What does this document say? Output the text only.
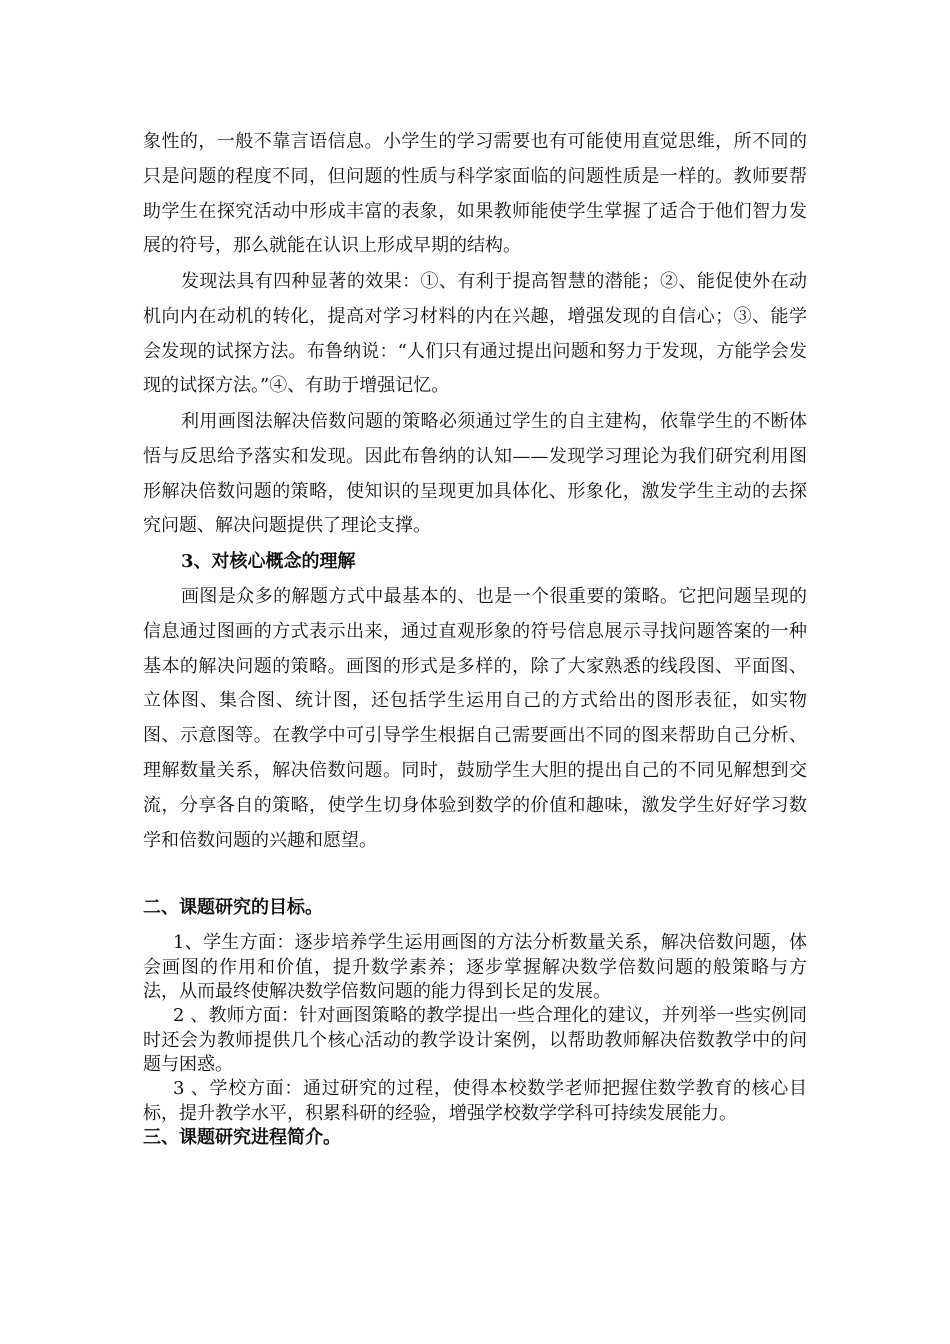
象性的，一般不靠言语信息。小学生的学习需要也有可能使用直觉思维，所不同的只是问题的程度不同，但问题的性质与科学家面临的问题性质是一样的。教师要帮助学生在探究活动中形成丰富的表象，如果教师能使学生掌握了适合于他们智力发展的符号，那么就能在认识上形成早期的结构。

发现法具有四种显著的效果：①、有利于提高智慧的潜能；②、能促使外在动机向内在动机的转化，提高对学习材料的内在兴趣，增强发现的自信心；③、能学会发现的试探方法。布鲁纳说：“人们只有通过提出问题和努力于发现，方能学会发现的试探方法。”④、有助于增强记忆。

利用画图法解决倍数问题的策略必须通过学生的自主建构，依靠学生的不断体悟与反思给予落实和发现。因此布鲁纳的认知——发现学习理论为我们研究利用图形解决倍数问题的策略，使知识的呈现更加具体化、形象化，激发学生主动的去探究问题、解决问题提供了理论支撑。

3、对核心概念的理解

画图是众多的解题方式中最基本的、也是一个很重要的策略。它把问题呈现的信息通过图画的方式表示出来，通过直观形象的符号信息展示寻找问题答案的一种基本的解决问题的策略。画图的形式是多样的，除了大家熟悉的线段图、平面图、立体图、集合图、统计图，还包括学生运用自己的方式给出的图形表征，如实物图、示意图等。在教学中可引导学生根据自己需要画出不同的图来帮助自己分析、理解数量关系，解决倍数问题。同时，鼓励学生大胆的提出自己的不同见解想到交流，分享各自的策略，使学生切身体验到数学的价值和趣味，激发学生好好学习数学和倍数问题的兴趣和愿望。

二、课题研究的目标。

1、学生方面：逐步培养学生运用画图的方法分析数量关系，解决倍数问题，体会画图的作用和价值，提升数学素养；逐步掌握解决数学倍数问题的般策略与方法，从而最终使解决数学倍数问题的能力得到长足的发展。

2 、教师方面：针对画图策略的教学提出一些合理化的建议，并列举一些实例同时还会为教师提供几个核心活动的教学设计案例，以帮助教师解决倍数教学中的问题与困惑。

3 、学校方面：通过研究的过程，使得本校数学老师把握住数学教育的核心目标，提升教学水平，积累科研的经验，增强学校数学学科可持续发展能力。

三、课题研究进程简介。
